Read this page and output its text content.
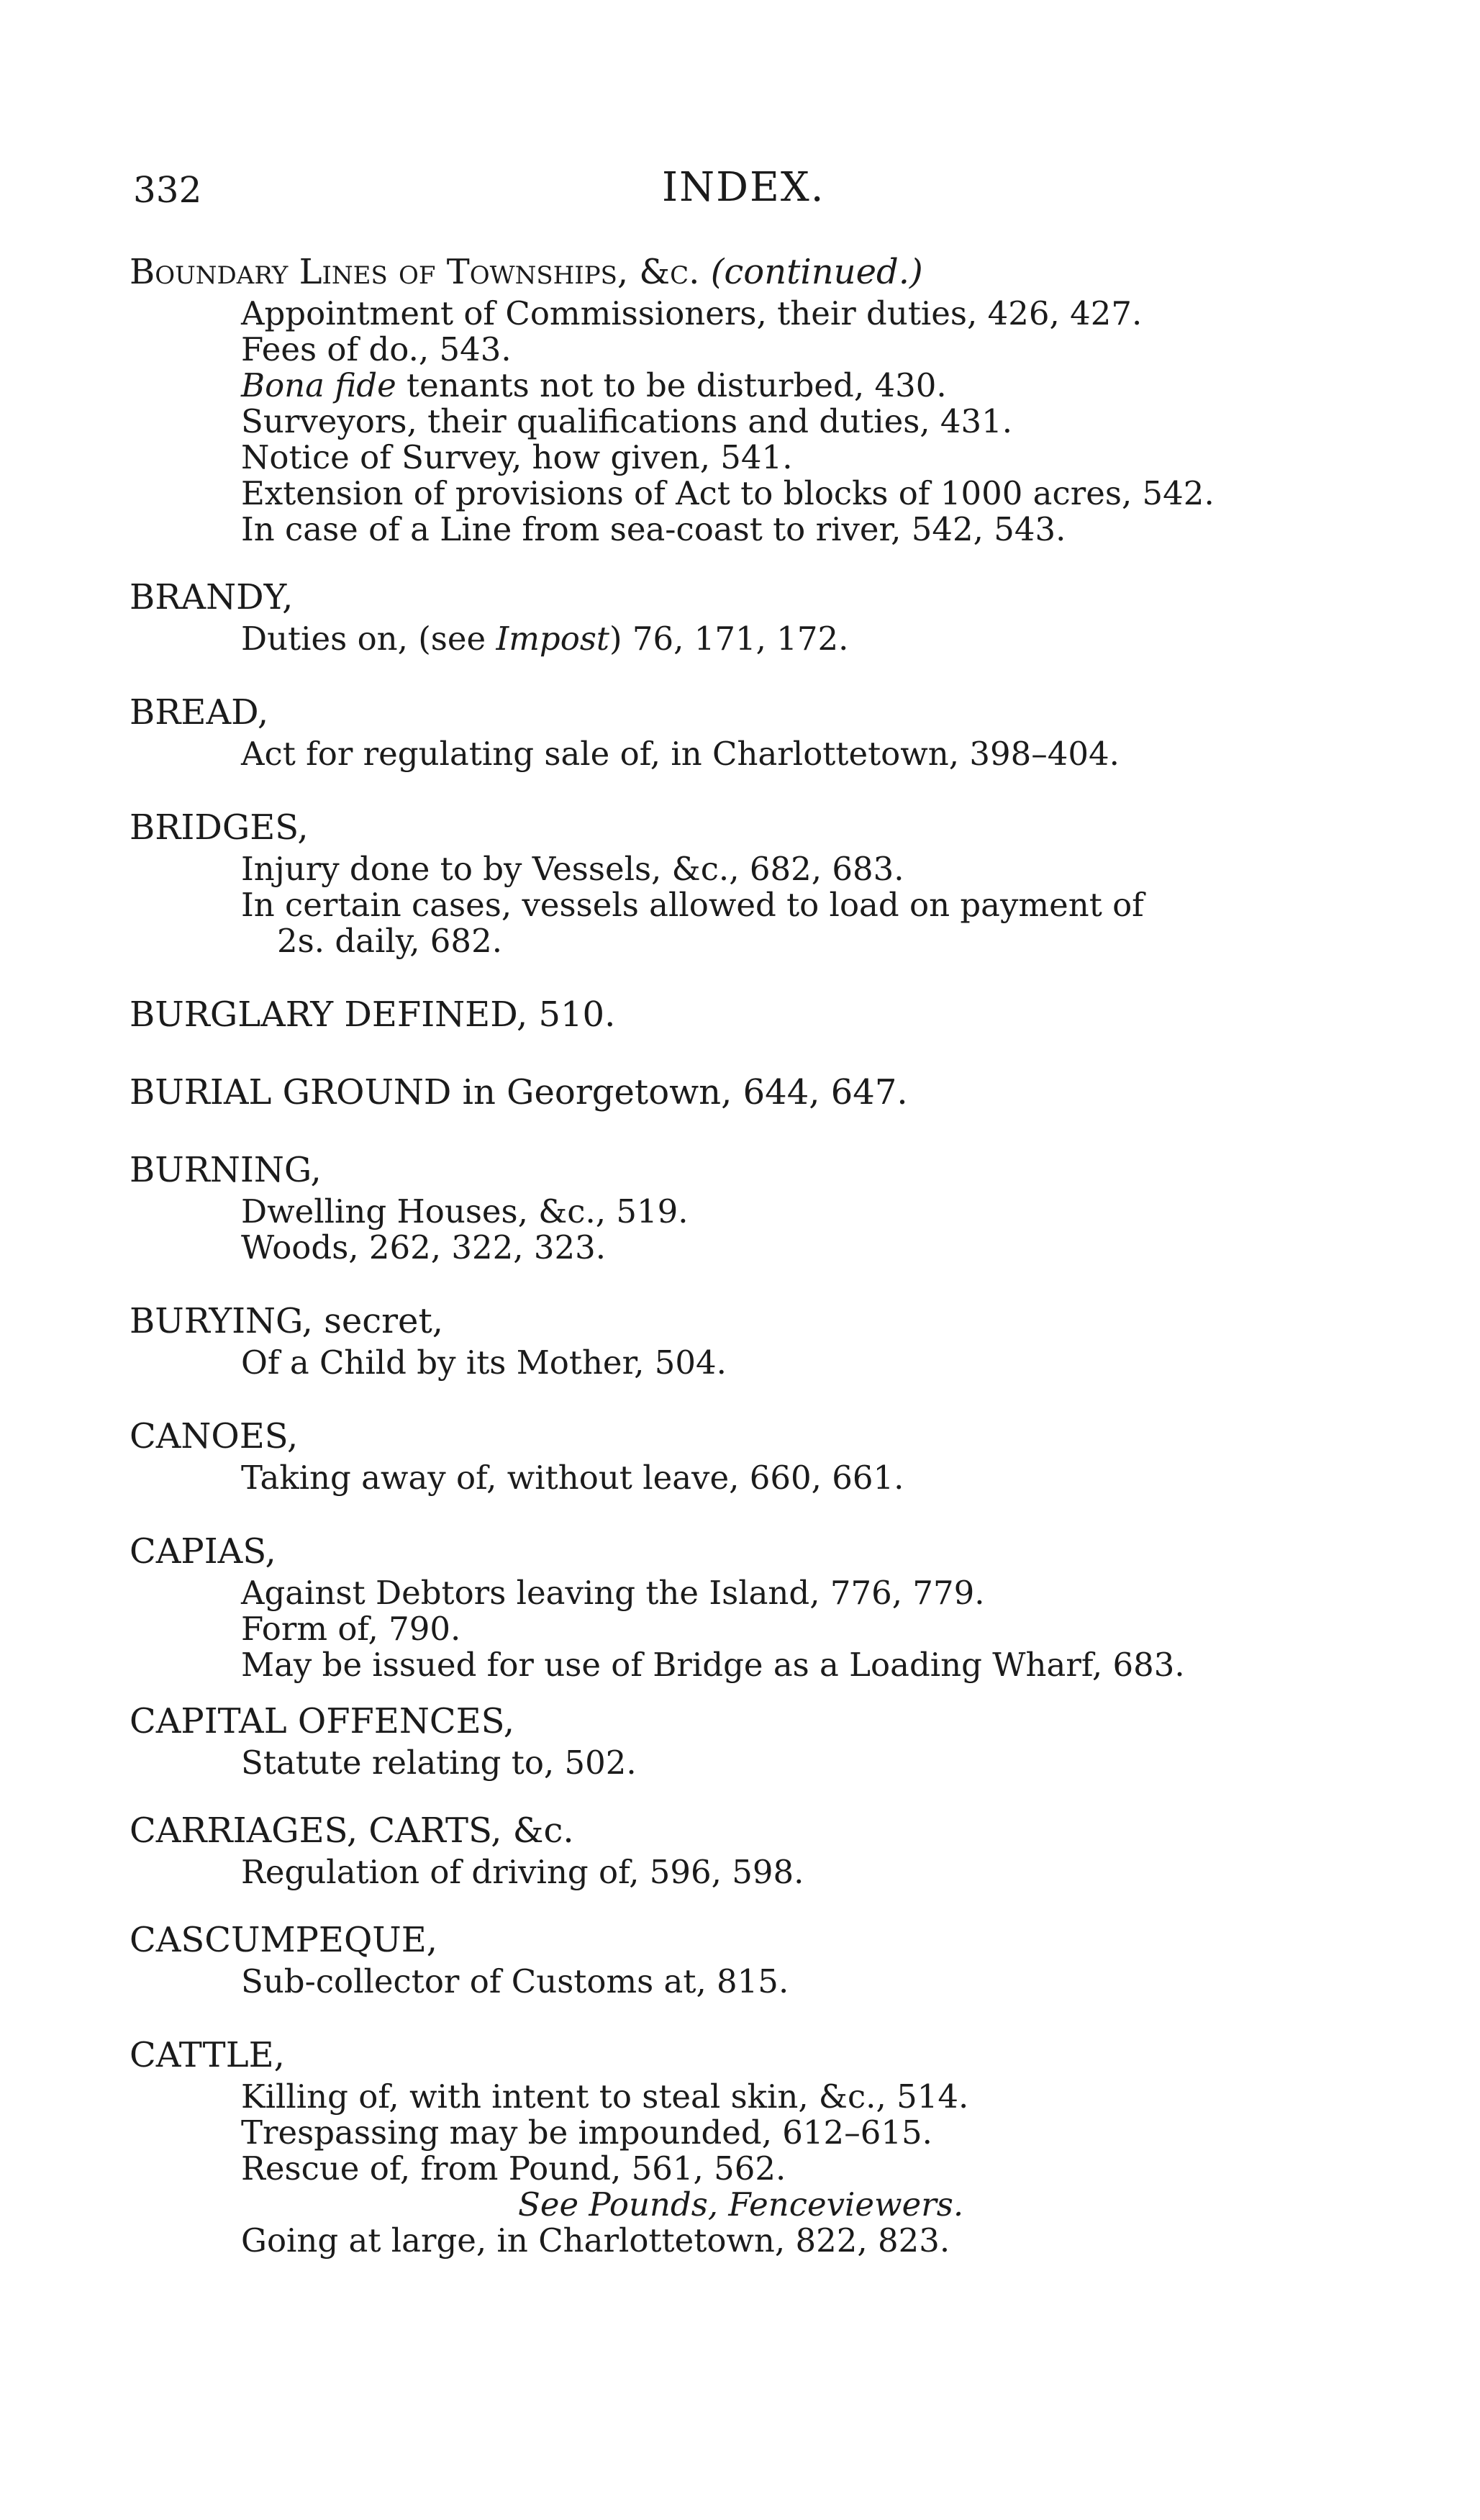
332	INDEX.
Boundary Lines of Townships, &c. (continued.)
Appointment of Commissioners, their duties, 426, 427.
Fees of do., 543.
Bona fide tenants not to be disturbed, 430.
Surveyors, their qualifications and duties, 431.
Notice of Survey, how given, 541.
Extension of provisions of Act to blocks of 1000 acres, 542.
In case of a Line from sea-coast to river, 542, 543.
BRANDY,
Duties on, (see Impost) 76, 171, 172.
BREAD,
Act for regulating sale of, in Charlottetown, 398–404.
BRIDGES,
Injury done to by Vessels, &c., 682, 683.
In certain cases, vessels allowed to load on payment of
2s. daily, 682.
BURGLARY DEFINED, 510.
BURIAL GROUND in Georgetown, 644, 647.
BURNING,
Dwelling Houses, &c., 519.
Woods, 262, 322, 323.
BURYING, secret,
Of a Child by its Mother, 504.
CANOES,
Taking away of, without leave, 660, 661.
CAPIAS,
Against Debtors leaving the Island, 776, 779.
Form of, 790.
May be issued for use of Bridge as a Loading Wharf, 683.
CAPITAL OFFENCES,
Statute relating to, 502.
CARRIAGES, CARTS, &c.
Regulation of driving of, 596, 598.
CASCUMPEQUE,
Sub-collector of Customs at, 815.
CATTLE,
Killing of, with intent to steal skin, &c., 514.
Trespassing may be impounded, 612–615.
Rescue of, from Pound, 561, 562.
See Pounds, Fenceviewers.
Going at large, in Charlottetown, 822, 823.
